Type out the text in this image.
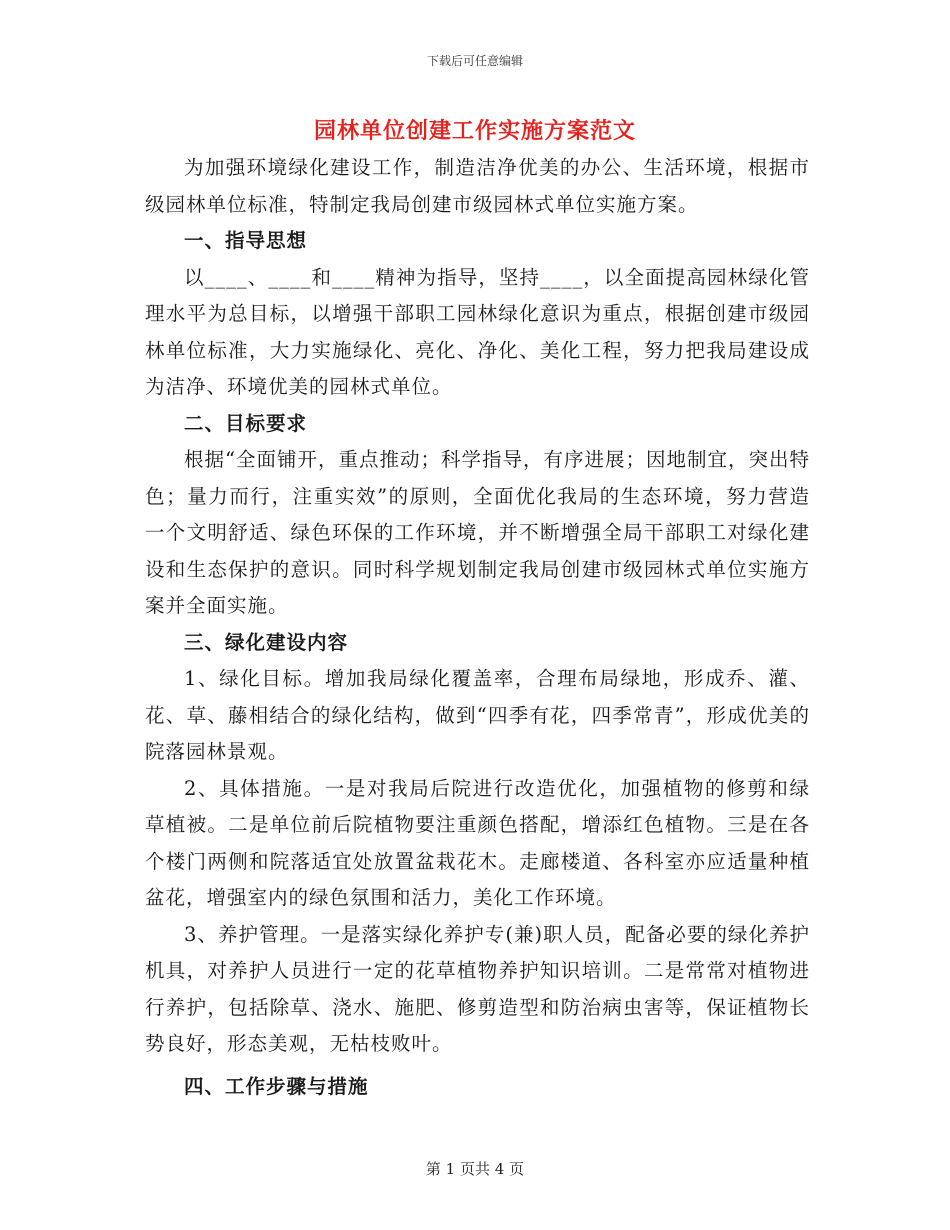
下载后可任意编辑
园林单位创建工作实施方案范文

为加强环境绿化建设工作，制造洁净优美的办公、生活环境，根据市级园林单位标准，特制定我局创建市级园林式单位实施方案。

一、指导思想

以____、____和____精神为指导，坚持____，以全面提高园林绿化管理水平为总目标，以增强干部职工园林绿化意识为重点，根据创建市级园林单位标准，大力实施绿化、亮化、净化、美化工程，努力把我局建设成为洁净、环境优美的园林式单位。

二、目标要求

根据“全面铺开，重点推动；科学指导，有序进展；因地制宜，突出特色；量力而行，注重实效”的原则，全面优化我局的生态环境，努力营造一个文明舒适、绿色环保的工作环境，并不断增强全局干部职工对绿化建设和生态保护的意识。同时科学规划制定我局创建市级园林式单位实施方案并全面实施。

三、绿化建设内容

1、绿化目标。增加我局绿化覆盖率，合理布局绿地，形成乔、灌、花、草、藤相结合的绿化结构，做到“四季有花，四季常青”，形成优美的院落园林景观。

2、具体措施。一是对我局后院进行改造优化，加强植物的修剪和绿草植被。二是单位前后院植物要注重颜色搭配，增添红色植物。三是在各个楼门两侧和院落适宜处放置盆栽花木。走廊楼道、各科室亦应适量种植盆花，增强室内的绿色氛围和活力，美化工作环境。

3、养护管理。一是落实绿化养护专(兼)职人员，配备必要的绿化养护机具，对养护人员进行一定的花草植物养护知识培训。二是常常对植物进行养护，包括除草、浇水、施肥、修剪造型和防治病虫害等，保证植物长势良好，形态美观，无枯枝败叶。

四、工作步骤与措施

第 1 页共 4 页
